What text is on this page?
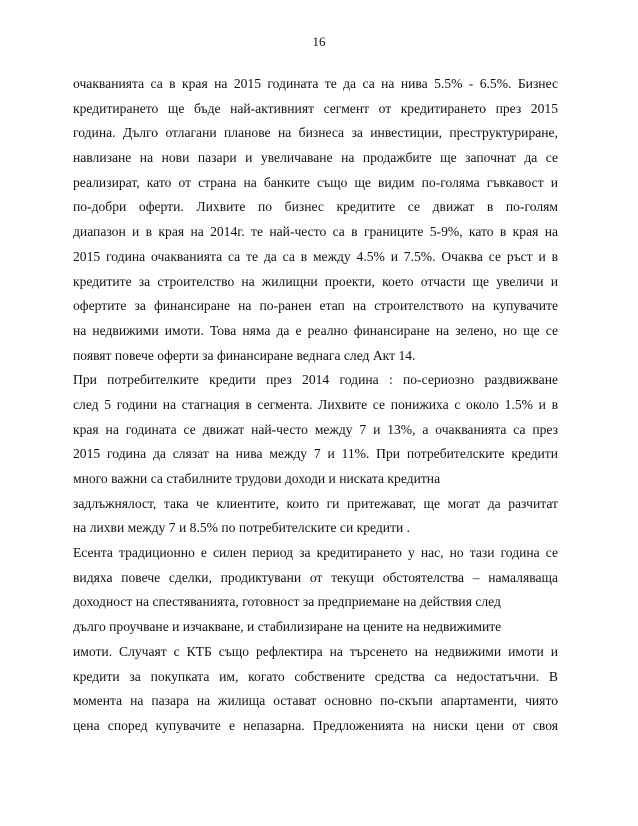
16
очакванията са в края на 2015 годината те да са на нива 5.5% - 6.5%. Бизнес
кредитирането ще бъде най-активният сегмент от кредитирането през 2015
година. Дълго отлагани планове на бизнеса за инвестиции, преструктуриране,
навлизане на нови пазари и увеличаване на продажбите ще започнат да се
реализират, като от страна на банките също ще видим по-голяма гъвкавост и
по-добри оферти. Лихвите по бизнес кредитите се движат в по-голям
диапазон и в края на 2014г. те най-често са в границите 5-9%, като в края на
2015 година очакванията са те да са в между 4.5% и 7.5%. Очаква се ръст и в
кредитите за строителство на жилищни проекти, което отчасти ще увеличи и
офертите за финансиране на по-ранен етап на строителството на купувачите
на недвижими имоти. Това няма да е реално финансиране на зелено, но ще се
появят повече оферти за финансиране веднага след Акт 14.
При потребителките кредити през 2014 година : по-сериозно раздвижване
след 5 години на стагнация в сегмента. Лихвите се понижиха с около 1.5% и в
края на годината се движат най-често между 7 и 13%, а очакванията са през
2015 година да слязат на нива между 7 и 11%. При потребителските кредити
много важни са стабилните трудови доходи и ниската кредитна
задлъжнялост, така че клиентите, които ги притежават, ще могат да разчитат
на лихви между 7 и 8.5% по потребителските си кредити .
Есента традиционно е силен период за кредитирането у нас, но тази година се
видяха повече сделки, продиктувани от текущи обстоятелства – намаляваща
доходност на спестяванията, готовност за предприемане на действия след
дълго проучване и изчакване, и стабилизиране на цените на недвижимите
имоти. Случаят с КТБ също рефлектира на търсенето на недвижими имоти и
кредити за покупката им, когато собствените средства са недостатъчни. В
момента на пазара на жилища остават основно по-скъпи апартаменти, чиято
цена според купувачите е непазарна. Предложенията на ниски цени от своя
